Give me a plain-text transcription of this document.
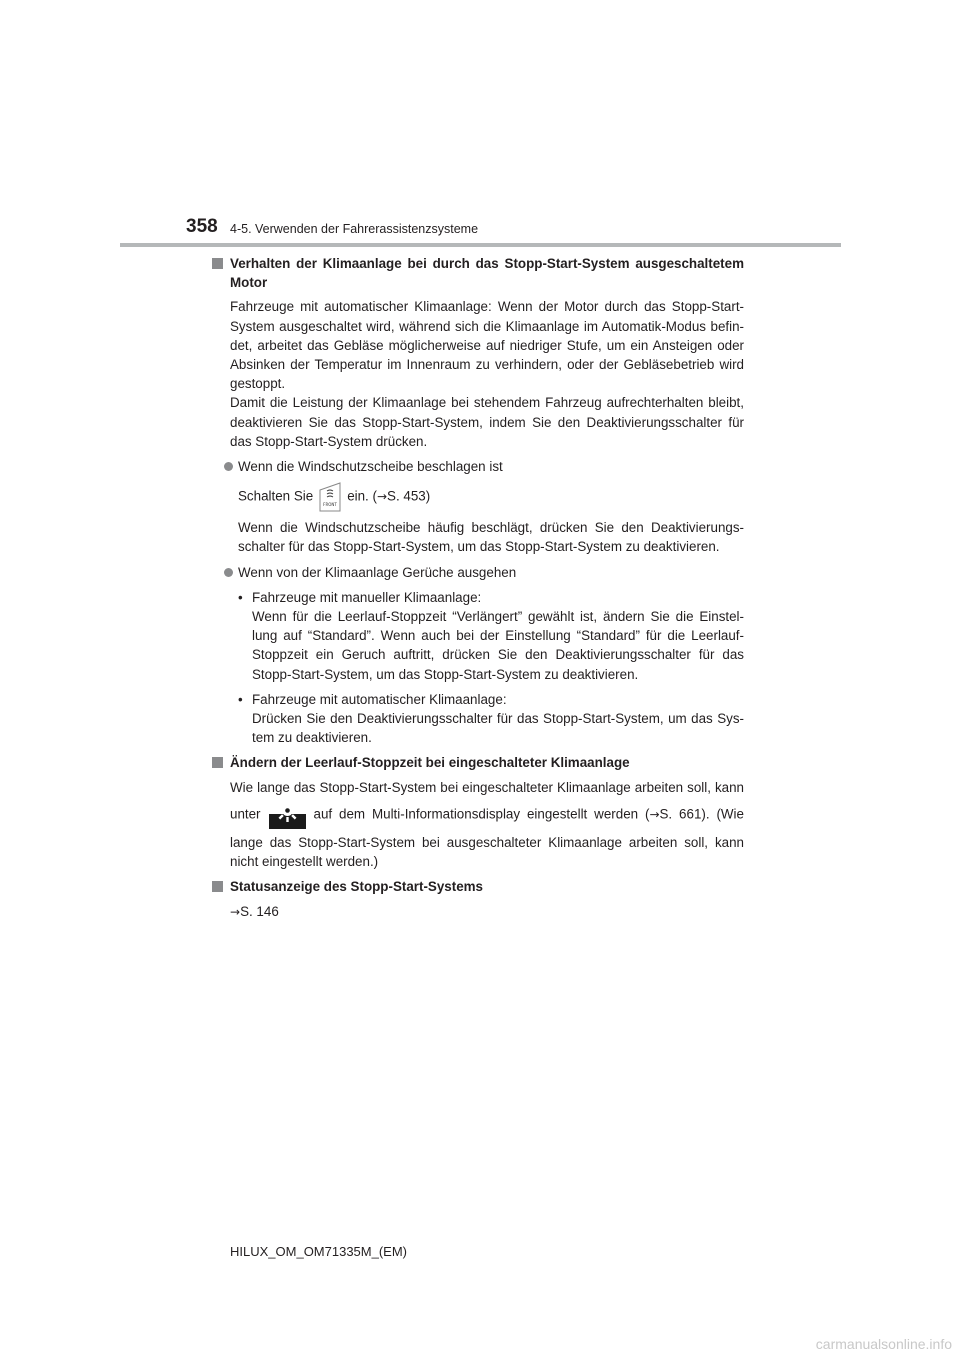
358 4-5. Verwenden der Fahrerassistenzsysteme
Verhalten der Klimaanlage bei durch das Stopp-Start-System ausgeschaltetem Motor
Fahrzeuge mit automatischer Klimaanlage: Wenn der Motor durch das Stopp-Start-System ausgeschaltet wird, während sich die Klimaanlage im Automatik-Modus befin-det, arbeitet das Gebläse möglicherweise auf niedriger Stufe, um ein Ansteigen oder Absinken der Temperatur im Innenraum zu verhindern, oder der Gebläsebetrieb wird gestoppt.
Damit die Leistung der Klimaanlage bei stehendem Fahrzeug aufrechterhalten bleibt, deaktivieren Sie das Stopp-Start-System, indem Sie den Deaktivierungsschalter für das Stopp-Start-System drücken.
Wenn die Windschutzscheibe beschlagen ist
Schalten Sie
FRONT
ein. (→S. 453)
Wenn die Windschutzscheibe häufig beschlägt, drücken Sie den Deaktivierungs-schalter für das Stopp-Start-System, um das Stopp-Start-System zu deaktivieren.
Wenn von der Klimaanlage Gerüche ausgehen
• Fahrzeuge mit manueller Klimaanlage:
Wenn für die Leerlauf-Stoppzeit “Verlängert” gewählt ist, ändern Sie die Einstel-lung auf “Standard”. Wenn auch bei der Einstellung “Standard” für die Leerlauf-Stoppzeit ein Geruch auftritt, drücken Sie den Deaktivierungsschalter für das Stopp-Start-System, um das Stopp-Start-System zu deaktivieren.
• Fahrzeuge mit automatischer Klimaanlage:
Drücken Sie den Deaktivierungsschalter für das Stopp-Start-System, um das Sys-tem zu deaktivieren.
Ändern der Leerlauf-Stoppzeit bei eingeschalteter Klimaanlage
Wie lange das Stopp-Start-System bei eingeschalteter Klimaanlage arbeiten soll, kann unter	auf dem Multi-Informationsdisplay eingestellt werden (→S. 661). (Wie lange das Stopp-Start-System bei ausgeschalteter Klimaanlage arbeiten soll, kann nicht eingestellt werden.)
Statusanzeige des Stopp-Start-Systems
→S. 146
HILUX_OM_OM71335M_(EM)
carmanualsonline.info
